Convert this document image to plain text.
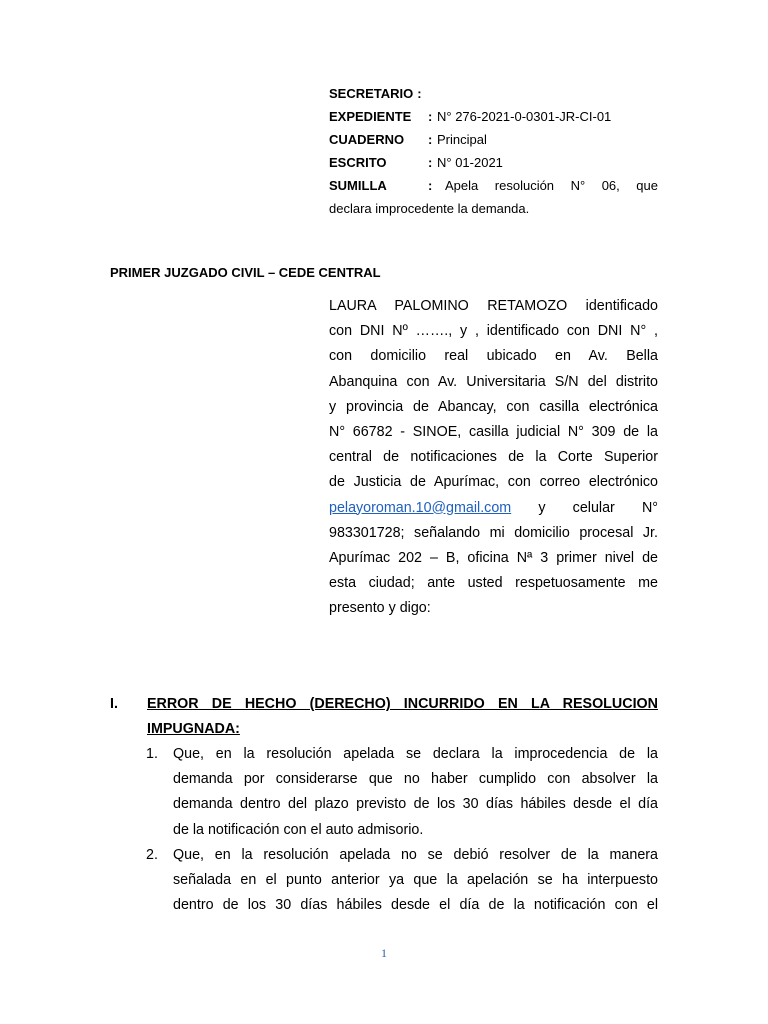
SECRETARIO :
EXPEDIENTE	: N° 276-2021-0-0301-JR-CI-01
CUADERNO	: Principal
ESCRITO	: N° 01-2021
SUMILLA	: Apela resolución N° 06, que
declara improcedente la demanda.
PRIMER JUZGADO CIVIL – CEDE CENTRAL
LAURA PALOMINO RETAMOZO identificado
con DNI Nº ……., y , identificado con DNI N° ,
con domicilio real ubicado en Av. Bella
Abanquina con Av. Universitaria S/N del distrito
y provincia de Abancay, con casilla electrónica
N° 66782 - SINOE, casilla judicial N° 309 de la
central de notificaciones de la Corte Superior
de Justicia de Apurímac, con correo electrónico
pelayoroman.10@gmail.com y celular N°
983301728; señalando mi domicilio procesal Jr.
Apurímac 202 – B, oficina Nª 3 primer nivel de
esta ciudad; ante usted respetuosamente me
presento y digo:
I.	ERROR DE HECHO (DERECHO) INCURRIDO EN LA RESOLUCION
IMPUGNADA:
1.	Que, en la resolución apelada se declara la improcedencia de la
demanda por considerarse que no haber cumplido con absolver la
demanda dentro del plazo previsto de los 30 días hábiles desde el día
de la notificación con el auto admisorio.
2.	Que, en la resolución apelada no se debió resolver de la manera
señalada en el punto anterior ya que la apelación se ha interpuesto
dentro de los 30 días hábiles desde el día de la notificación con el
1
